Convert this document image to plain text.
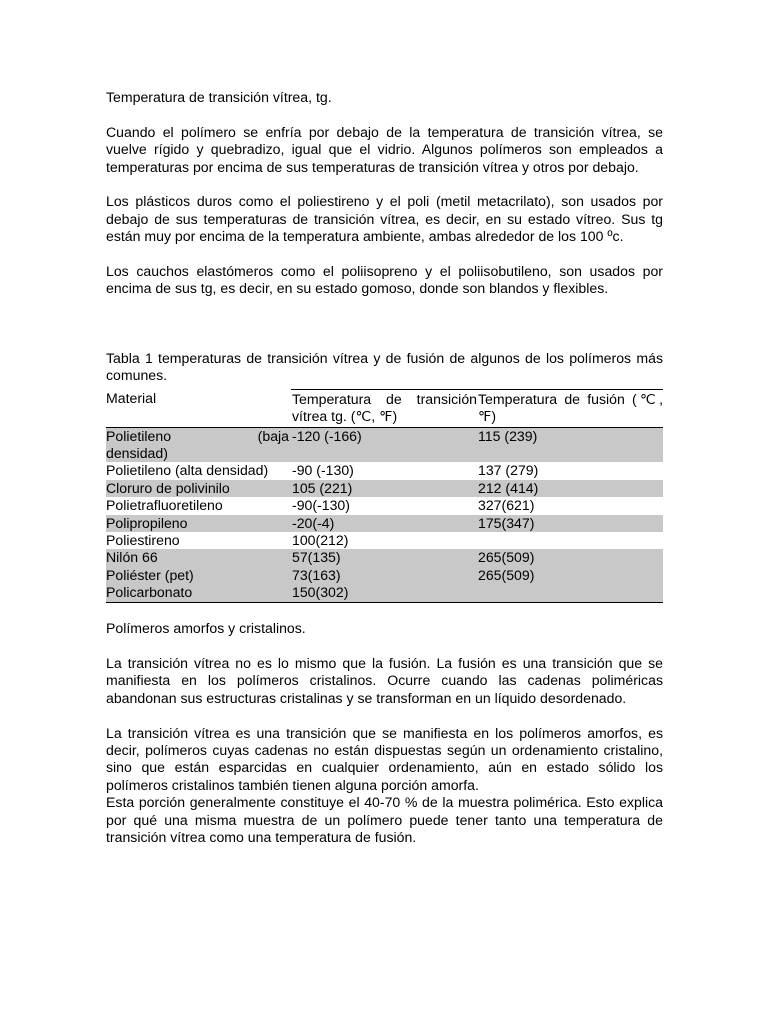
Temperatura de transición vítrea, tg.

Cuando el polímero se enfría por debajo de la temperatura de transición vítrea, se vuelve rígido y quebradizo, igual que el vidrio. Algunos polímeros son empleados a temperaturas por encima de sus temperaturas de transición vítrea y otros por debajo.

Los plásticos duros como el poliestireno y el poli (metil metacrilato), son usados por debajo de sus temperaturas de transición vítrea, es decir, en su estado vítreo. Sus tg están muy por encima de la temperatura ambiente, ambas alrededor de los 100 ºc.

Los cauchos elastómeros como el poliisopreno y el poliisobutileno, son usados por encima de sus tg, es decir, en su estado gomoso, donde son blandos y flexibles.

Tabla 1 temperaturas de transición vítrea y de fusión de algunos de los polímeros más comunes.

Material	Temperatura de transición vítrea tg. (℃, ℉)	Temperatura de fusión (℃, ℉)

Polietileno (baja
densidad)	-120 (-166)	115 (239)
Polietileno (alta densidad)	-90 (-130)	137 (279)
Cloruro de polivinilo	105 (221)	212 (414)
Polietrafluoretileno	-90(-130)	327(621)
Polipropileno	-20(-4)	175(347)
Poliestireno	100(212)	
Nilón 66	57(135)	265(509)
Poliéster (pet)	73(163)	265(509)
Policarbonato	150(302)	

Polímeros amorfos y cristalinos.

La transición vítrea no es lo mismo que la fusión. La fusión es una transición que se manifiesta en los polímeros cristalinos. Ocurre cuando las cadenas poliméricas abandonan sus estructuras cristalinas y se transforman en un líquido desordenado.

La transición vítrea es una transición que se manifiesta en los polímeros amorfos, es decir, polímeros cuyas cadenas no están dispuestas según un ordenamiento cristalino, sino que están esparcidas en cualquier ordenamiento, aún en estado sólido los polímeros cristalinos también tienen alguna porción amorfa.

Esta porción generalmente constituye el 40-70 % de la muestra polimérica. Esto explica por qué una misma muestra de un polímero puede tener tanto una temperatura de transición vítrea como una temperatura de fusión.
